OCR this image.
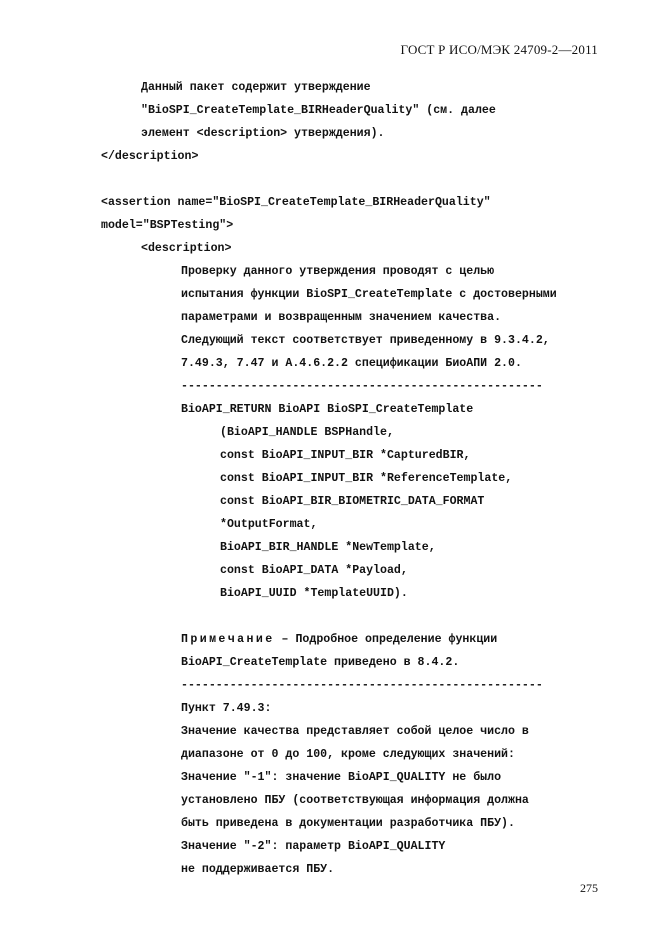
ГОСТ Р ИСО/МЭК 24709-2—2011
Данный пакет содержит утверждение
"BioSPI_CreateTemplate_BIRHeaderQuality" (см. далее
элемент <description> утверждения).
</description>
<assertion name="BioSPI_CreateTemplate_BIRHeaderQuality"
model="BSPTesting">
<description>
Проверку данного утверждения проводят с целью
испытания функции BioSPI_CreateTemplate с достоверными
параметрами и возвращенным значением качества.
Следующий текст соответствует приведенному в 9.3.4.2,
7.49.3, 7.47 и A.4.6.2.2 спецификации БиоАПИ 2.0.
----------------------------------------------------
BioAPI_RETURN BioAPI BioSPI_CreateTemplate
(BioAPI_HANDLE BSPHandle,
const BioAPI_INPUT_BIR *CapturedBIR,
const BioAPI_INPUT_BIR *ReferenceTemplate,
const BioAPI_BIR_BIOMETRIC_DATA_FORMAT
*OutputFormat,
BioAPI_BIR_HANDLE *NewTemplate,
const BioAPI_DATA *Payload,
BioAPI_UUID *TemplateUUID).
Примечание – Подробное определение функции
BioAPI_CreateTemplate приведено в 8.4.2.
----------------------------------------------------
Пункт 7.49.3:
Значение качества представляет собой целое число в
диапазоне от 0 до 100, кроме следующих значений:
Значение "-1": значение BioAPI_QUALITY не было
установлено ПБУ (соответствующая информация должна
быть приведена в документации разработчика ПБУ).
Значение "-2": параметр BioAPI_QUALITY
не поддерживается ПБУ.
275
